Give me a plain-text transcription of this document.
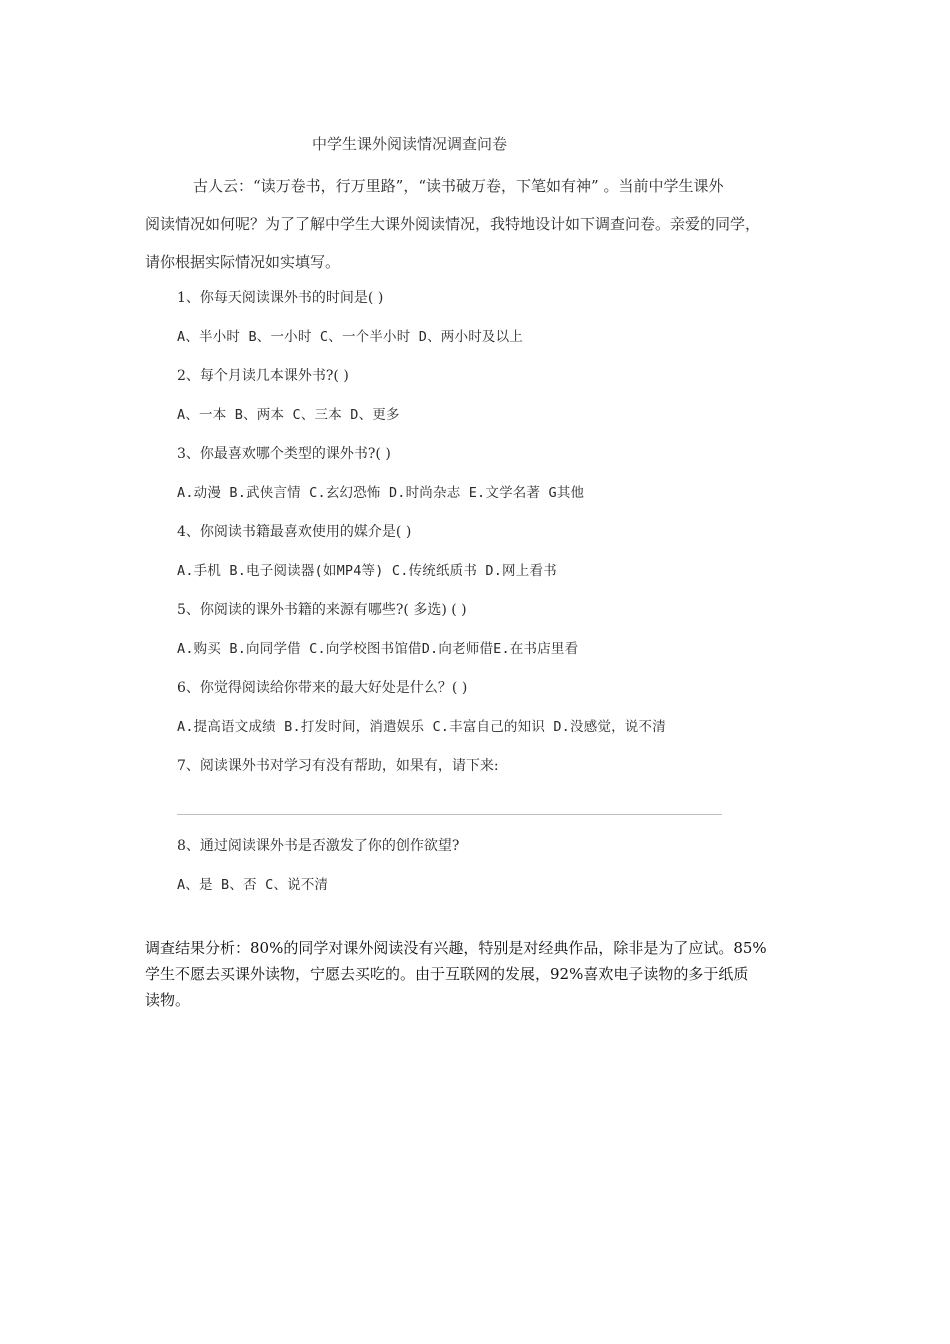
中学生课外阅读情况调查问卷
古人云：“读万卷书，行万里路”，“读书破万卷，下笔如有神” 。当前中学生课外
阅读情况如何呢？为了了解中学生大课外阅读情况，我特地设计如下调查问卷。亲爱的同学，
请你根据实际情况如实填写。
1、你每天阅读课外书的时间是( )
A、半小时 B、一小时 C、一个半小时 D、两小时及以上
2、每个月读几本课外书?( )
A、一本 B、两本 C、三本 D、更多
3、你最喜欢哪个类型的课外书?( )
A.动漫 B.武侠言情 C.玄幻恐怖 D.时尚杂志 E.文学名著 G其他
4、你阅读书籍最喜欢使用的媒介是( )
A.手机 B.电子阅读器(如MP4等) C.传统纸质书 D.网上看书
5、你阅读的课外书籍的来源有哪些?( 多选) ( )
A.购买 B.向同学借 C.向学校图书馆借D.向老师借E.在书店里看
6、你觉得阅读给你带来的最大好处是什么？( )
A.提高语文成绩 B.打发时间，消遣娱乐 C.丰富自己的知识 D.没感觉，说不清
7、阅读课外书对学习有没有帮助，如果有，请下来:
8、通过阅读课外书是否激发了你的创作欲望?
A、是 B、否 C、说不清
调查结果分析：80%的同学对课外阅读没有兴趣，特别是对经典作品，除非是为了应试。85%
学生不愿去买课外读物，宁愿去买吃的。由于互联网的发展，92%喜欢电子读物的多于纸质
读物。
